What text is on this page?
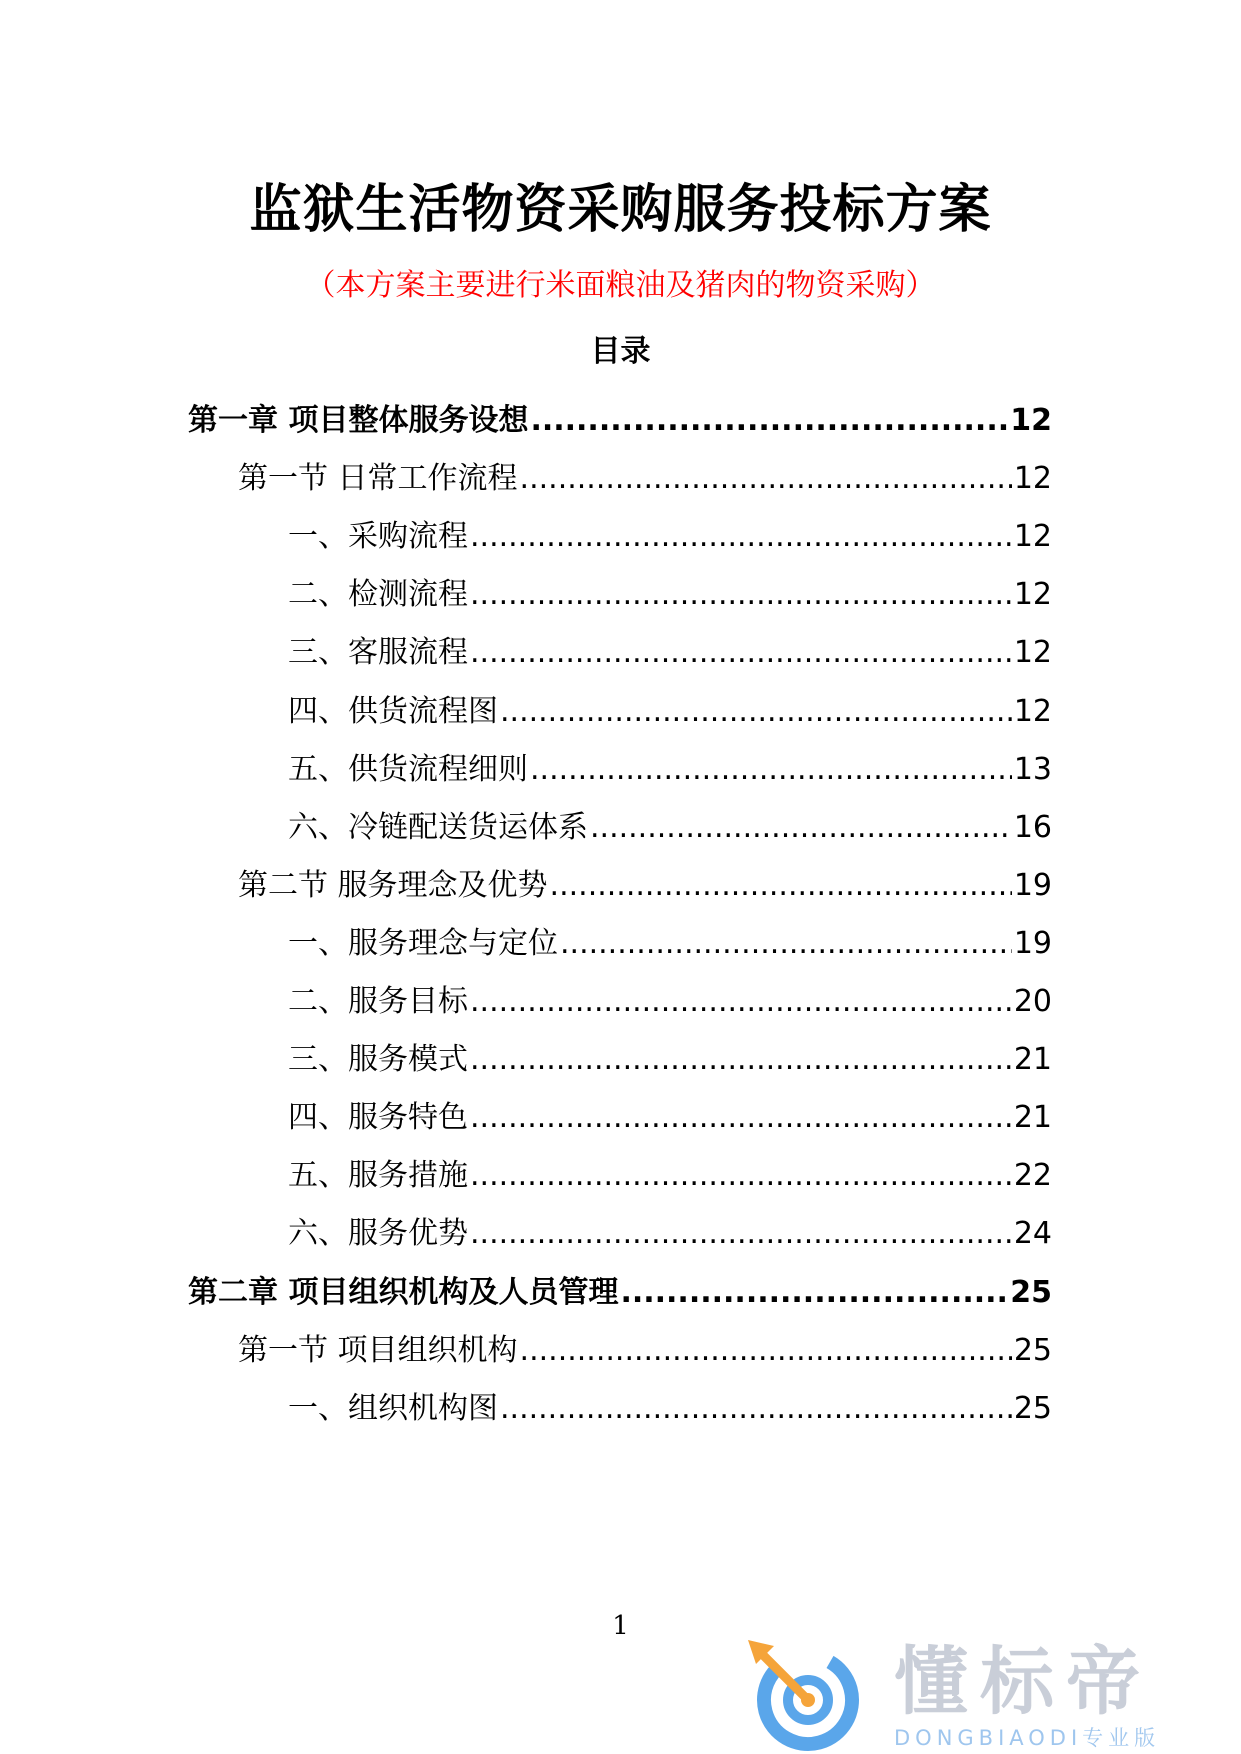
监狱生活物资采购服务投标方案
（本方案主要进行米面粮油及猪肉的物资采购）
目录
第一章 项目整体服务设想 .....	12
第一节 日常工作流程 .....	12
一、采购流程 .....	12
二、检测流程 .....	12
三、客服流程 .....	12
四、供货流程图 .....	12
五、供货流程细则 .....	13
六、冷链配送货运体系 .....	16
第二节 服务理念及优势 .....	19
一、服务理念与定位 .....	19
二、服务目标 .....	20
三、服务模式 .....	21
四、服务特色 .....	21
五、服务措施 .....	22
六、服务优势 .....	24
第二章 项目组织机构及人员管理 .....	25
第一节 项目组织机构 .....	25
一、组织机构图 .....	25
1
懂标帝
DONGBIAODI专业版
